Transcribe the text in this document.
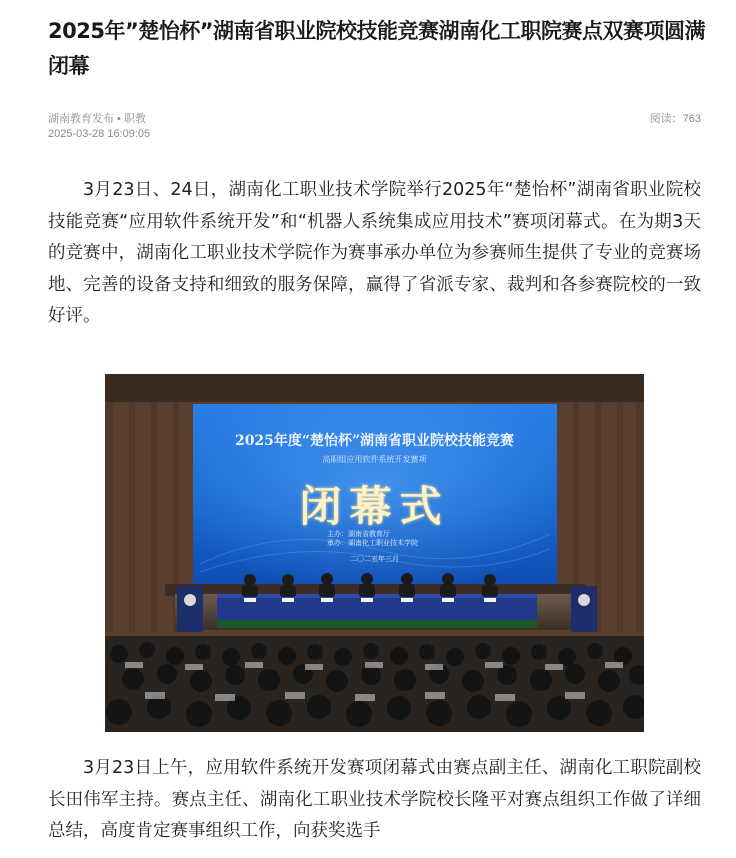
2025年”楚怡杯”湖南省职业院校技能竞赛湖南化工职院赛点双赛项圆满闭幕
湖南教育发布 • 职教
2025-03-28 16:09:05
阅读：763

3月23日、24日，湖南化工职业技术学院举行2025年“楚怡杯”湖南省职业院校技能竞赛“应用软件系统开发”和“机器人系统集成应用技术”赛项闭幕式。在为期3天的竞赛中，湖南化工职业技术学院作为赛事承办单位为参赛师生提供了专业的竞赛场地、完善的设备支持和细致的服务保障，赢得了省派专家、裁判和各参赛院校的一致好评。

2025年度“楚怡杯”湖南省职业院校技能竞赛
高职组应用软件系统开发赛项
闭幕式
主办：湖南省教育厅
承办：湖南化工职业技术学院
二〇二五年三月

3月23日上午，应用软件系统开发赛项闭幕式由赛点副主任、湖南化工职院副校长田伟军主持。赛点主任、湖南化工职业技术学院校长隆平对赛点组织工作做了详细总结，高度肯定赛事组织工作，向获奖选手
